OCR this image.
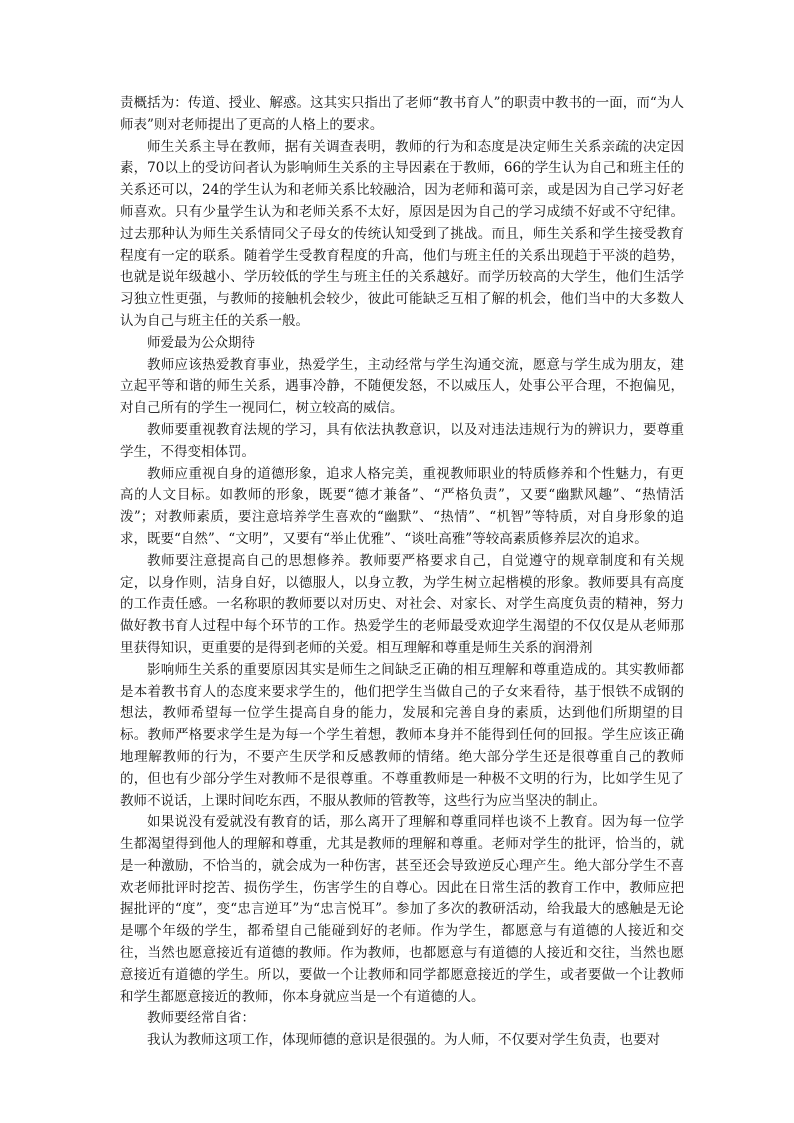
责概括为：传道、授业、解惑。这其实只指出了老师“教书育人”的职责中教书的一面，而“为人师表”则对老师提出了更高的人格上的要求。

师生关系主导在教师，据有关调查表明，教师的行为和态度是决定师生关系亲疏的决定因素，70以上的受访问者认为影响师生关系的主导因素在于教师，66的学生认为自己和班主任的关系还可以，24的学生认为和老师关系比较融洽，因为老师和蔼可亲，或是因为自己学习好老师喜欢。只有少量学生认为和老师关系不太好，原因是因为自己的学习成绩不好或不守纪律。过去那种认为师生关系情同父子母女的传统认知受到了挑战。而且，师生关系和学生接受教育程度有一定的联系。随着学生受教育程度的升高，他们与班主任的关系出现趋于平淡的趋势，也就是说年级越小、学历较低的学生与班主任的关系越好。而学历较高的大学生，他们生活学习独立性更强，与教师的接触机会较少，彼此可能缺乏互相了解的机会，他们当中的大多数人认为自己与班主任的关系一般。

师爱最为公众期待

教师应该热爱教育事业，热爱学生，主动经常与学生沟通交流，愿意与学生成为朋友，建立起平等和谐的师生关系，遇事冷静，不随便发怒，不以威压人，处事公平合理，不抱偏见，对自己所有的学生一视同仁，树立较高的威信。

教师要重视教育法规的学习，具有依法执教意识，以及对违法违规行为的辨识力，要尊重学生，不得变相体罚。

教师应重视自身的道德形象，追求人格完美，重视教师职业的特质修养和个性魅力，有更高的人文目标。如教师的形象，既要“德才兼备”、“严格负责”，又要“幽默风趣”、“热情活泼”；对教师素质，要注意培养学生喜欢的“幽默”、“热情”、“机智”等特质，对自身形象的追求，既要“自然”、“文明”，又要有“举止优雅”、“谈吐高雅”等较高素质修养层次的追求。

教师要注意提高自己的思想修养。教师要严格要求自己，自觉遵守的规章制度和有关规定，以身作则，洁身自好，以德服人，以身立教，为学生树立起楷模的形象。教师要具有高度的工作责任感。一名称职的教师要以对历史、对社会、对家长、对学生高度负责的精神，努力做好教书育人过程中每个环节的工作。热爱学生的老师最受欢迎学生渴望的不仅仅是从老师那里获得知识，更重要的是得到老师的关爱。相互理解和尊重是师生关系的润滑剂

影响师生关系的重要原因其实是师生之间缺乏正确的相互理解和尊重造成的。其实教师都是本着教书育人的态度来要求学生的，他们把学生当做自己的子女来看待，基于恨铁不成钢的想法，教师希望每一位学生提高自身的能力，发展和完善自身的素质，达到他们所期望的目标。教师严格要求学生是为每一个学生着想，教师本身并不能得到任何的回报。学生应该正确地理解教师的行为，不要产生厌学和反感教师的情绪。绝大部分学生还是很尊重自己的教师的，但也有少部分学生对教师不是很尊重。不尊重教师是一种极不文明的行为，比如学生见了教师不说话，上课时间吃东西，不服从教师的管教等，这些行为应当坚决的制止。

如果说没有爱就没有教育的话，那么离开了理解和尊重同样也谈不上教育。因为每一位学生都渴望得到他人的理解和尊重，尤其是教师的理解和尊重。老师对学生的批评，恰当的，就是一种激励，不恰当的，就会成为一种伤害，甚至还会导致逆反心理产生。绝大部分学生不喜欢老师批评时挖苦、损伤学生，伤害学生的自尊心。因此在日常生活的教育工作中，教师应把握批评的“度”，变“忠言逆耳”为“忠言悦耳”。参加了多次的教研活动，给我最大的感触是无论是哪个年级的学生，都希望自己能碰到好的老师。作为学生，都愿意与有道德的人接近和交往，当然也愿意接近有道德的教师。作为教师，也都愿意与有道德的人接近和交往，当然也愿意接近有道德的学生。所以，要做一个让教师和同学都愿意接近的学生，或者要做一个让教师和学生都愿意接近的教师，你本身就应当是一个有道德的人。

教师要经常自省：

我认为教师这项工作，体现师德的意识是很强的。为人师，不仅要对学生负责，也要对
